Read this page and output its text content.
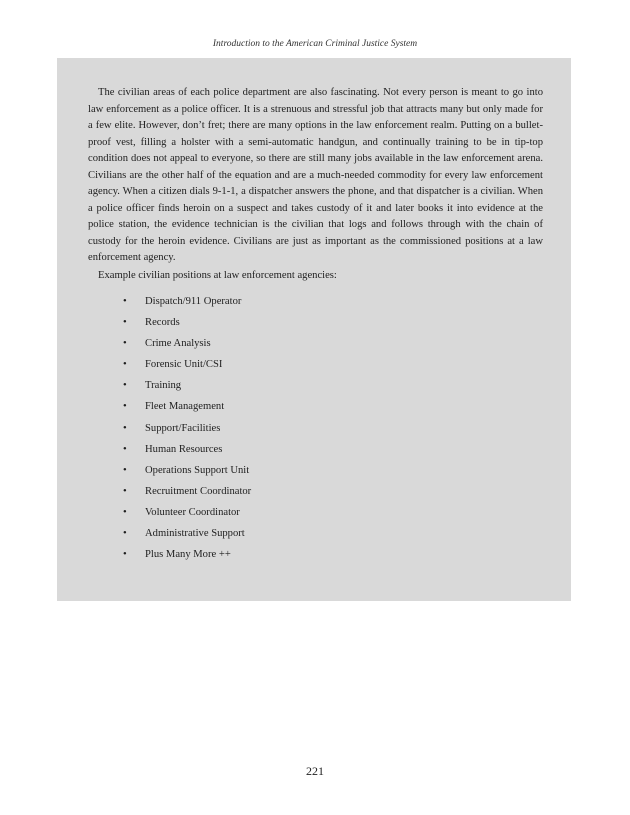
Introduction to the American Criminal Justice System

The civilian areas of each police department are also fascinating. Not every person is meant to go into law enforcement as a police officer. It is a strenuous and stressful job that attracts many but only made for a few elite. However, don’t fret; there are many options in the law enforcement realm. Putting on a bullet-proof vest, filling a holster with a semi-automatic handgun, and continually training to be in tip-top condition does not appeal to everyone, so there are still many jobs available in the law enforcement arena. Civilians are the other half of the equation and are a much-needed commodity for every law enforcement agency. When a citizen dials 9-1-1, a dispatcher answers the phone, and that dispatcher is a civilian. When a police officer finds heroin on a suspect and takes custody of it and later books it into evidence at the police station, the evidence technician is the civilian that logs and follows through with the chain of custody for the heroin evidence. Civilians are just as important as the commissioned positions at a law enforcement agency.

Example civilian positions at law enforcement agencies:

• Dispatch/911 Operator
• Records
• Crime Analysis
• Forensic Unit/CSI
• Training
• Fleet Management
• Support/Facilities
• Human Resources
• Operations Support Unit
• Recruitment Coordinator
• Volunteer Coordinator
• Administrative Support
• Plus Many More ++
221
